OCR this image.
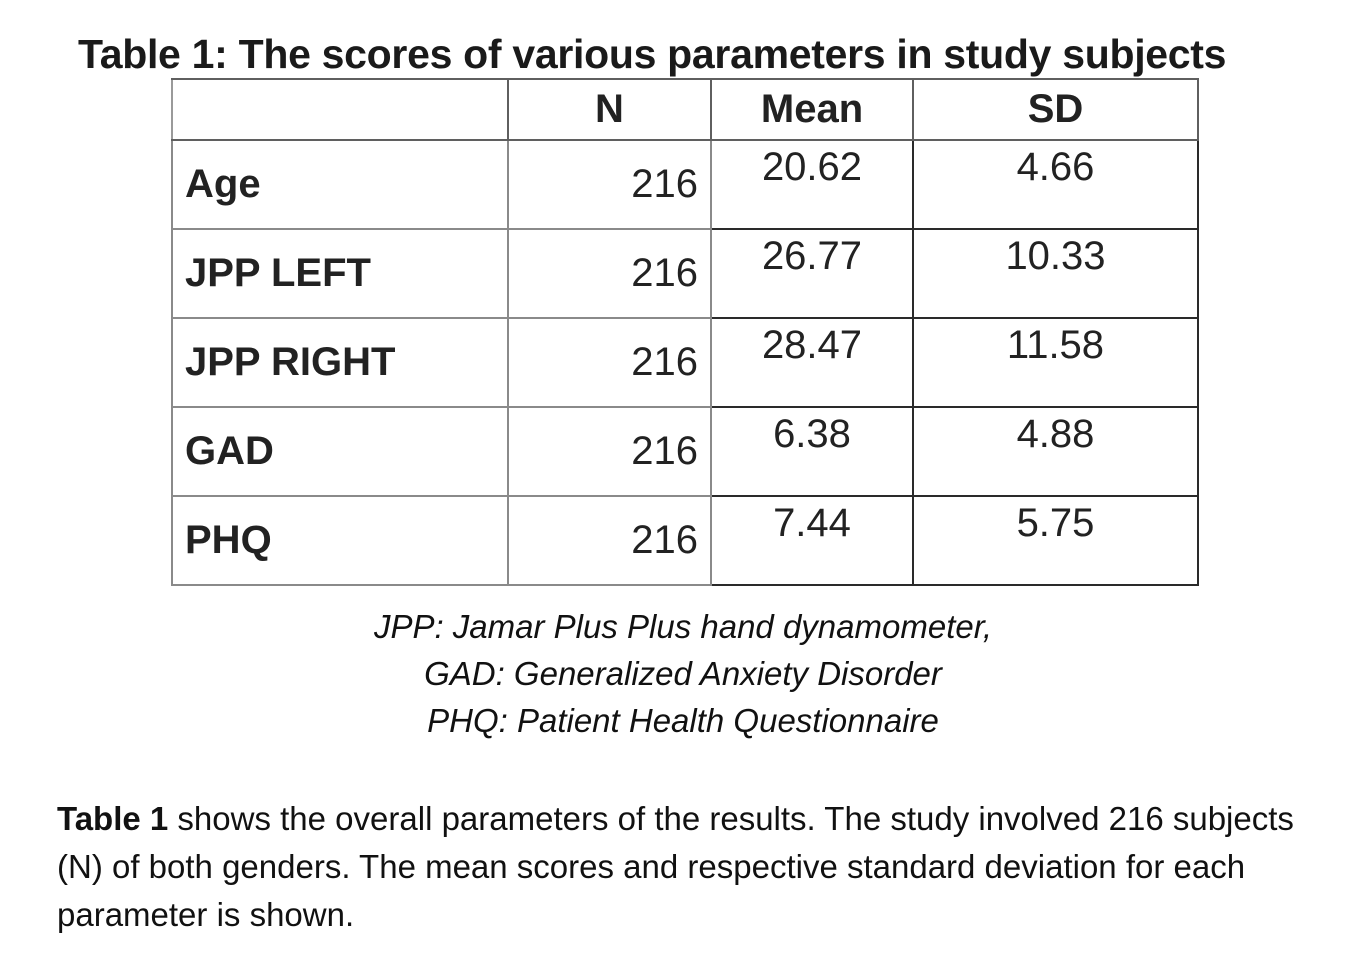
Table 1: The scores of various parameters in study subjects
	N	Mean	SD
Age	216	20.62	4.66
JPP LEFT	216	26.77	10.33
JPP RIGHT	216	28.47	11.58
GAD	216	6.38	4.88
PHQ	216	7.44	5.75
JPP: Jamar Plus Plus hand dynamometer,
GAD: Generalized Anxiety Disorder
PHQ: Patient Health Questionnaire

Table 1 shows the overall parameters of the results. The study involved 216 subjects (N) of both genders. The mean scores and respective standard deviation for each parameter is shown.
